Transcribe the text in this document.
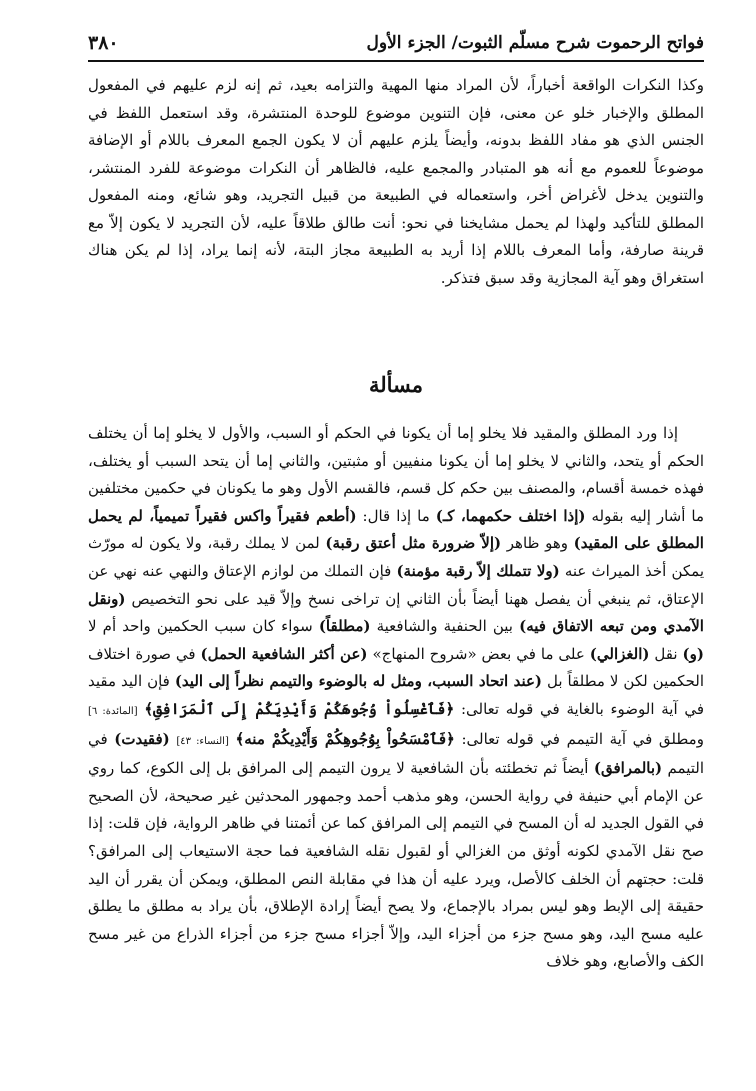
فواتح الرحموت شرح مسلّم الثبوت/ الجزء الأول
٣٨٠

وكذا النكرات الواقعة أخباراً، لأن المراد منها المهية والتزامه بعيد، ثم إنه لزم عليهم في المفعول المطلق والإخبار خلو عن معنى، فإن التنوين موضوع للوحدة المنتشرة، وقد استعمل اللفظ في الجنس الذي هو مفاد اللفظ بدونه، وأيضاً يلزم عليهم أن لا يكون الجمع المعرف باللام أو الإضافة موضوعاً للعموم مع أنه هو المتبادر والمجمع عليه، فالظاهر أن النكرات موضوعة للفرد المنتشر، والتنوين يدخل لأغراض أخر، واستعماله في الطبيعة من قبيل التجريد، وهو شائع، ومنه المفعول المطلق للتأكيد ولهذا لم يحمل مشايخنا في نحو: أنت طالق طلاقاً عليه، لأن التجريد لا يكون إلاّ مع قرينة صارفة، وأما المعرف باللام إذا أريد به الطبيعة مجاز البتة، لأنه إنما يراد، إذا لم يكن هناك استغراق وهو آية المجازية وقد سبق فتذكر.

مسألة

إذا ورد المطلق والمقيد فلا يخلو إما أن يكونا في الحكم أو السبب، والأول لا يخلو إما أن يختلف الحكم أو يتحد، والثاني لا يخلو إما أن يكونا منفيين أو مثبتين، والثاني إما أن يتحد السبب أو يختلف، فهذه خمسة أقسام، والمصنف بين حكم كل قسم، فالقسم الأول وهو ما يكونان في حكمين مختلفين ما أشار إليه بقوله (إذا اختلف حكمهما، كـ) ما إذا قال: (أطعم فقيراً واكس فقيراً تميمياً، لم يحمل المطلق على المقيد) وهو ظاهر (إلاّ ضرورة مثل أعتق رقبة) لمن لا يملك رقبة، ولا يكون له مورّث يمكن أخذ الميراث عنه (ولا تتملك إلاّ رقبة مؤمنة) فإن التملك من لوازم الإعتاق والنهي عنه نهي عن الإعتاق، ثم ينبغي أن يفصل ههنا أيضاً بأن الثاني إن تراخى نسخ وإلاّ قيد على نحو التخصيص (ونقل الآمدي ومن تبعه الاتفاق فيه) بين الحنفية والشافعية (مطلقاً) سواء كان سبب الحكمين واحد أم لا (و) نقل (الغزالي) على ما في بعض «شروح المنهاج» (عن أكثر الشافعية الحمل) في صورة اختلاف الحكمين لكن لا مطلقاً بل (عند اتحاد السبب، ومثل له بالوضوء والتيمم نظراً إلى اليد) فإن اليد مقيد في آية الوضوء بالغاية في قوله تعالى: ﴿فَٱغْسِلُواْ وُجُوهَكُمْ وَأَيْدِيَكُمْ إِلَى ٱلْمَرَافِقِ﴾ [المائدة: ٦] ومطلق في آية التيمم في قوله تعالى: ﴿فَٱمْسَحُواْ بِوُجُوهِكُمْ وَأَيْدِيكُمْ منه﴾ [النساء: ٤٣] (فقيدت) في التيمم (بالمرافق) أيضاً ثم تخطئته بأن الشافعية لا يرون التيمم إلى المرافق بل إلى الكوع، كما روي عن الإمام أبي حنيفة في رواية الحسن، وهو مذهب أحمد وجمهور المحدثين غير صحيحة، لأن الصحيح في القول الجديد له أن المسح في التيمم إلى المرافق كما عن أئمتنا في ظاهر الرواية، فإن قلت: إذا صح نقل الآمدي لكونه أوثق من الغزالي أو لقبول نقله الشافعية فما حجة الاستيعاب إلى المرافق؟ قلت: حجتهم أن الخلف كالأصل، ويرد عليه أن هذا في مقابلة النص المطلق، ويمكن أن يقرر أن اليد حقيقة إلى الإبط وهو ليس بمراد بالإجماع، ولا يصح أيضاً إرادة الإطلاق، بأن يراد به مطلق ما يطلق عليه مسح اليد، وهو مسح جزء من أجزاء اليد، وإلاّ أجزاء مسح جزء من أجزاء الذراع من غير مسح الكف والأصابع، وهو خلاف
